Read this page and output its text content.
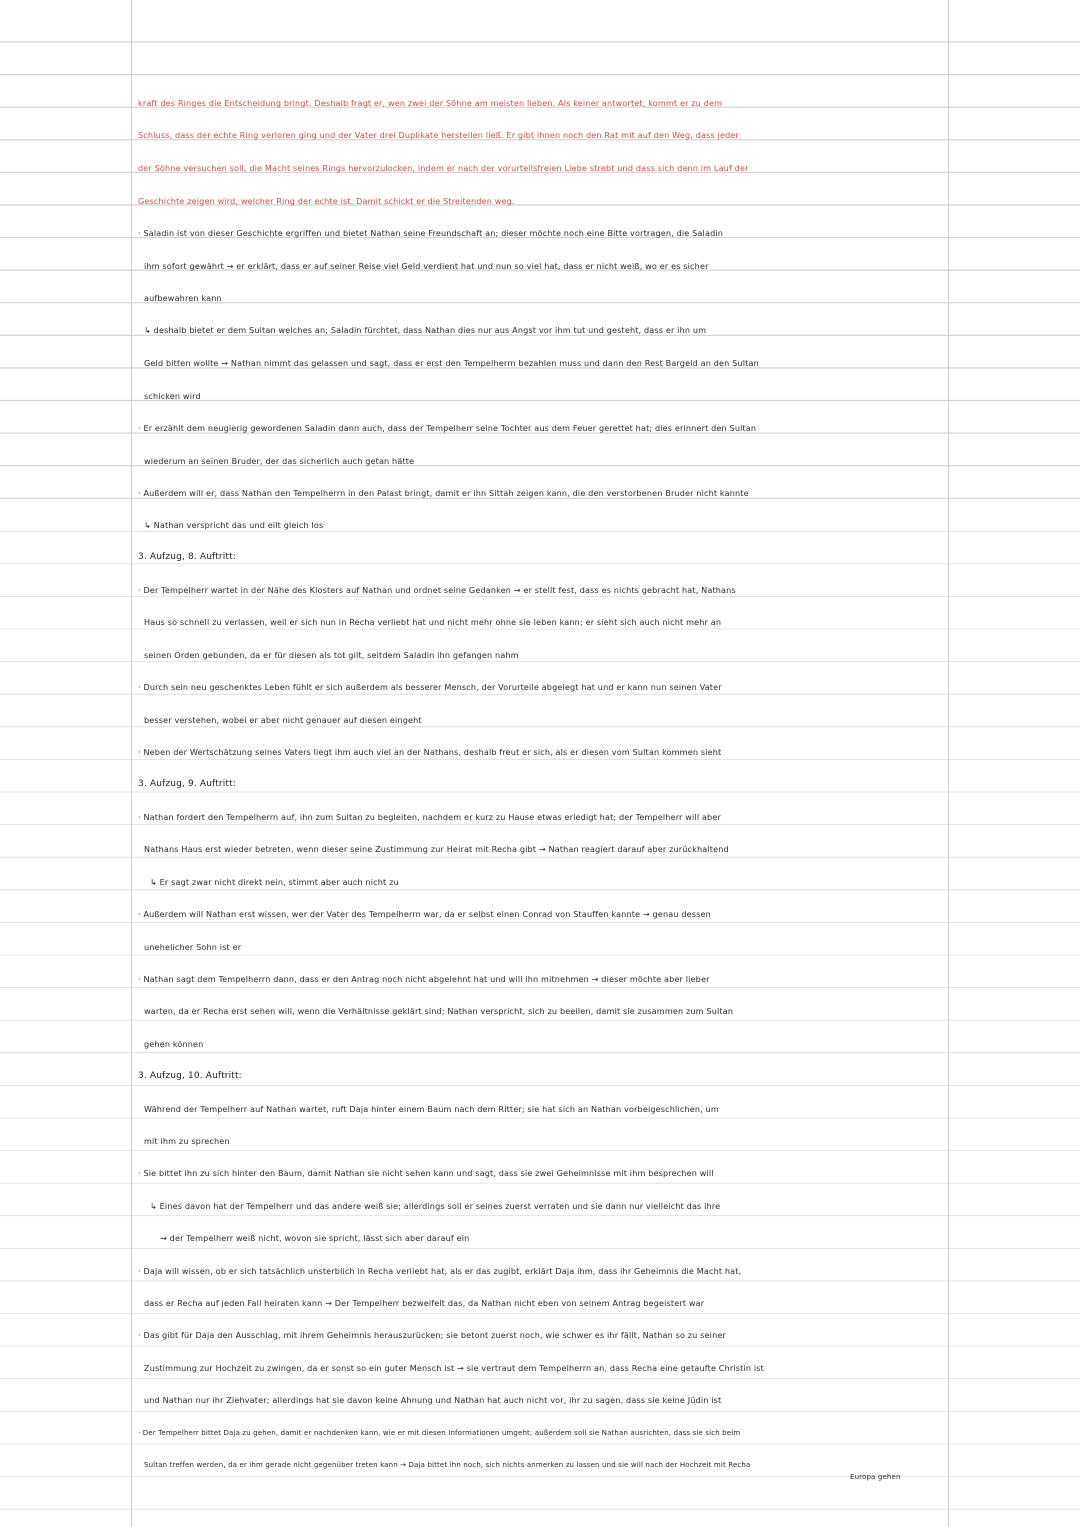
kraft des Ringes die Entscheidung bringt. Deshalb fragt er, wen zwei der Söhne am meisten lieben. Als keiner antwortet, kommt er zu dem
Schluss, dass der echte Ring verloren ging und der Vater drei Duplikate herstellen ließ. Er gibt ihnen noch den Rat mit auf den Weg, dass jeder
der Söhne versuchen soll, die Macht seines Rings hervorzulocken, indem er nach der vorurteilsfreien Liebe strebt und dass sich dann im Lauf der
Geschichte zeigen wird, welcher Ring der echte ist. Damit schickt er die Streitenden weg.
· Saladin ist von dieser Geschichte ergriffen und bietet Nathan seine Freundschaft an; dieser möchte noch eine Bitte vortragen, die Saladin
ihm sofort gewährt → er erklärt, dass er auf seiner Reise viel Geld verdient hat und nun so viel hat, dass er nicht weiß, wo er es sicher
aufbewahren kann
↳ deshalb bietet er dem Sultan welches an; Saladin fürchtet, dass Nathan dies nur aus Angst vor ihm tut und gesteht, dass er ihn um
Geld bitten wollte → Nathan nimmt das gelassen und sagt, dass er erst den Tempelherrn bezahlen muss und dann den Rest Bargeld an den Sultan
schicken wird
· Er erzählt dem neugierig gewordenen Saladin dann auch, dass der Tempelherr seine Tochter aus dem Feuer gerettet hat; dies erinnert den Sultan
wiederum an seinen Bruder, der das sicherlich auch getan hätte
· Außerdem will er, dass Nathan den Tempelherrn in den Palast bringt, damit er ihn Sittah zeigen kann, die den verstorbenen Bruder nicht kannte
↳ Nathan verspricht das und eilt gleich los
3. Aufzug, 8. Auftritt:
· Der Tempelherr wartet in der Nähe des Klosters auf Nathan und ordnet seine Gedanken → er stellt fest, dass es nichts gebracht hat, Nathans
Haus so schnell zu verlassen, weil er sich nun in Recha verliebt hat und nicht mehr ohne sie leben kann; er sieht sich auch nicht mehr an
seinen Orden gebunden, da er für diesen als tot gilt, seitdem Saladin ihn gefangen nahm
· Durch sein neu geschenktes Leben fühlt er sich außerdem als besserer Mensch, der Vorurteile abgelegt hat und er kann nun seinen Vater
besser verstehen, wobei er aber nicht genauer auf diesen eingeht
· Neben der Wertschätzung seines Vaters liegt ihm auch viel an der Nathans, deshalb freut er sich, als er diesen vom Sultan kommen sieht
3. Aufzug, 9. Auftritt:
· Nathan fordert den Tempelherrn auf, ihn zum Sultan zu begleiten, nachdem er kurz zu Hause etwas erledigt hat; der Tempelherr will aber
Nathans Haus erst wieder betreten, wenn dieser seine Zustimmung zur Heirat mit Recha gibt → Nathan reagiert darauf aber zurückhaltend
↳ Er sagt zwar nicht direkt nein, stimmt aber auch nicht zu
· Außerdem will Nathan erst wissen, wer der Vater des Tempelherrn war, da er selbst einen Conrad von Stauffen kannte → genau dessen
unehelicher Sohn ist er
· Nathan sagt dem Tempelherrn dann, dass er den Antrag noch nicht abgelehnt hat und will ihn mitnehmen → dieser möchte aber lieber
warten, da er Recha erst sehen will, wenn die Verhältnisse geklärt sind; Nathan verspricht, sich zu beeilen, damit sie zusammen zum Sultan
gehen können
3. Aufzug, 10. Auftritt:
Während der Tempelherr auf Nathan wartet, ruft Daja hinter einem Baum nach dem Ritter; sie hat sich an Nathan vorbeigeschlichen, um
mit ihm zu sprechen
· Sie bittet ihn zu sich hinter den Baum, damit Nathan sie nicht sehen kann und sagt, dass sie zwei Geheimnisse mit ihm besprechen will
↳ Eines davon hat der Tempelherr und das andere weiß sie; allerdings soll er seines zuerst verraten und sie dann nur vielleicht das ihre
→ der Tempelherr weiß nicht, wovon sie spricht, lässt sich aber darauf ein
· Daja will wissen, ob er sich tatsächlich unsterblich in Recha verliebt hat, als er das zugibt, erklärt Daja ihm, dass ihr Geheimnis die Macht hat,
dass er Recha auf jeden Fall heiraten kann → Der Tempelherr bezweifelt das, da Nathan nicht eben von seinem Antrag begeistert war
· Das gibt für Daja den Ausschlag, mit ihrem Geheimnis herauszurücken; sie betont zuerst noch, wie schwer es ihr fällt, Nathan so zu seiner
Zustimmung zur Hochzeit zu zwingen, da er sonst so ein guter Mensch ist → sie vertraut dem Tempelherrn an, dass Recha eine getaufte Christin ist
und Nathan nur ihr Ziehvater; allerdings hat sie davon keine Ahnung und Nathan hat auch nicht vor, ihr zu sagen, dass sie keine Jüdin ist
· Der Tempelherr bittet Daja zu gehen, damit er nachdenken kann, wie er mit diesen Informationen umgeht; außerdem soll sie Nathan ausrichten, dass sie sich beim
Sultan treffen werden, da er ihm gerade nicht gegenüber treten kann → Daja bittet ihn noch, sich nichts anmerken zu lassen und sie will nach der Hochzeit mit Recha
Europa gehen
